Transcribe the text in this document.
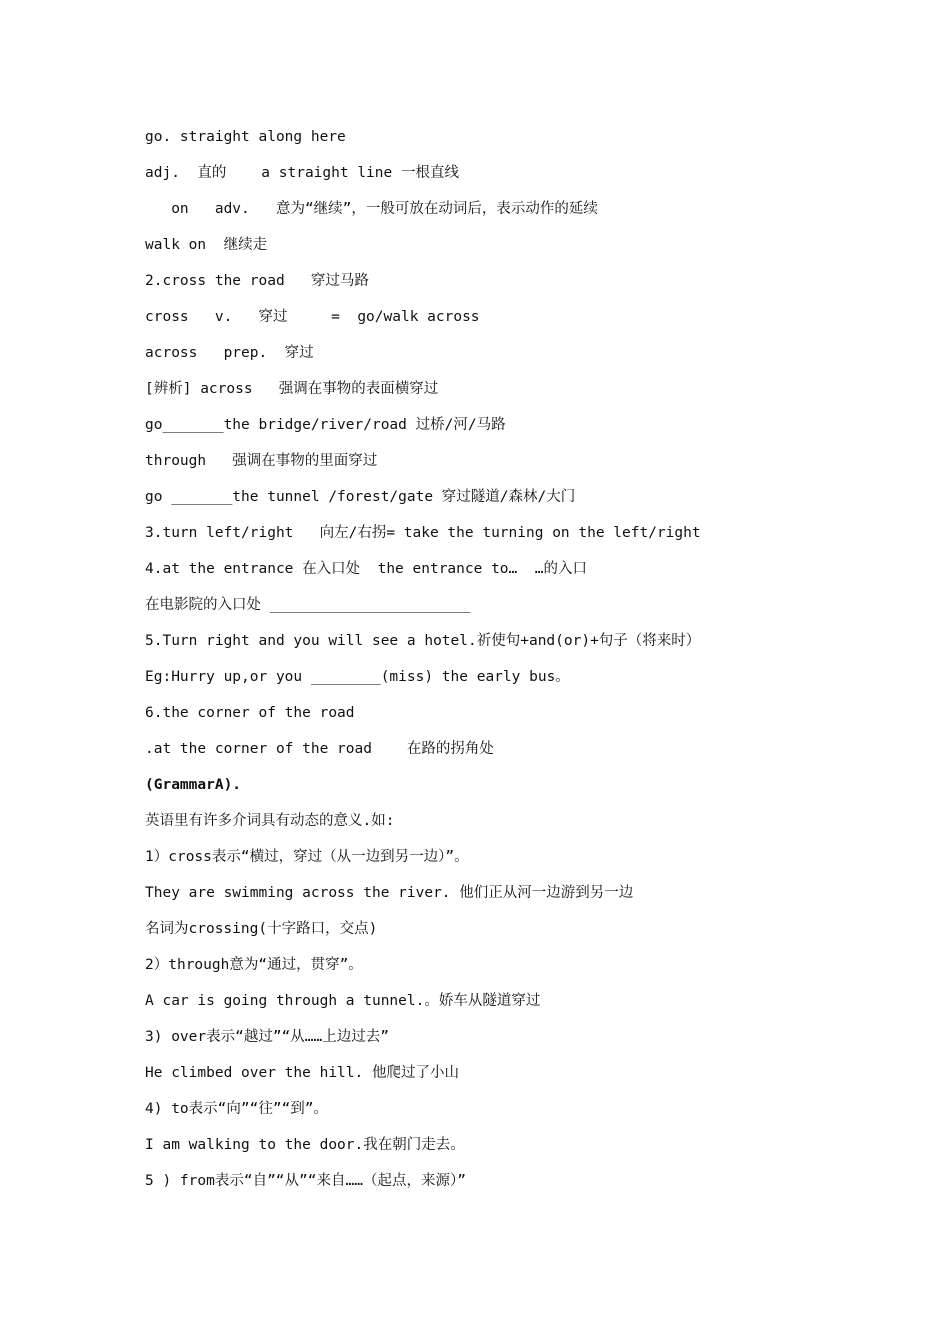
go. straight along here
adj.  直的    a straight line 一根直线
on   adv.   意为“继续”，一般可放在动词后，表示动作的延续
walk on  继续走
2.cross the road   穿过马路
cross   v.   穿过     =  go/walk across
across   prep.  穿过
[辨析] across   强调在事物的表面横穿过
go_______the bridge/river/road 过桥/河/马路
through   强调在事物的里面穿过
go _______the tunnel /forest/gate 穿过隧道/森林/大门
3.turn left/right   向左/右拐= take the turning on the left/right
4.at the entrance 在入口处  the entrance to…  …的入口
在电影院的入口处 _______________________
5.Turn right and you will see a hotel.祈使句+and(or)+句子（将来时）
Eg:Hurry up,or you ________(miss) the early bus。
6.the corner of the road
.at the corner of the road    在路的拐角处
(GrammarA).
英语里有许多介词具有动态的意义.如:
1）cross表示“横过，穿过（从一边到另一边）”。
They are swimming across the river. 他们正从河一边游到另一边
名词为crossing(十字路口，交点)
2）through意为“通过，贯穿”。
A car is going through a tunnel.。娇车从隧道穿过
3) over表示“越过”“从……上边过去”
He climbed over the hill. 他爬过了小山
4) to表示“向”“往”“到”。
I am walking to the door.我在朝门走去。
5 ) from表示“自”“从”“来自……（起点，来源）”
